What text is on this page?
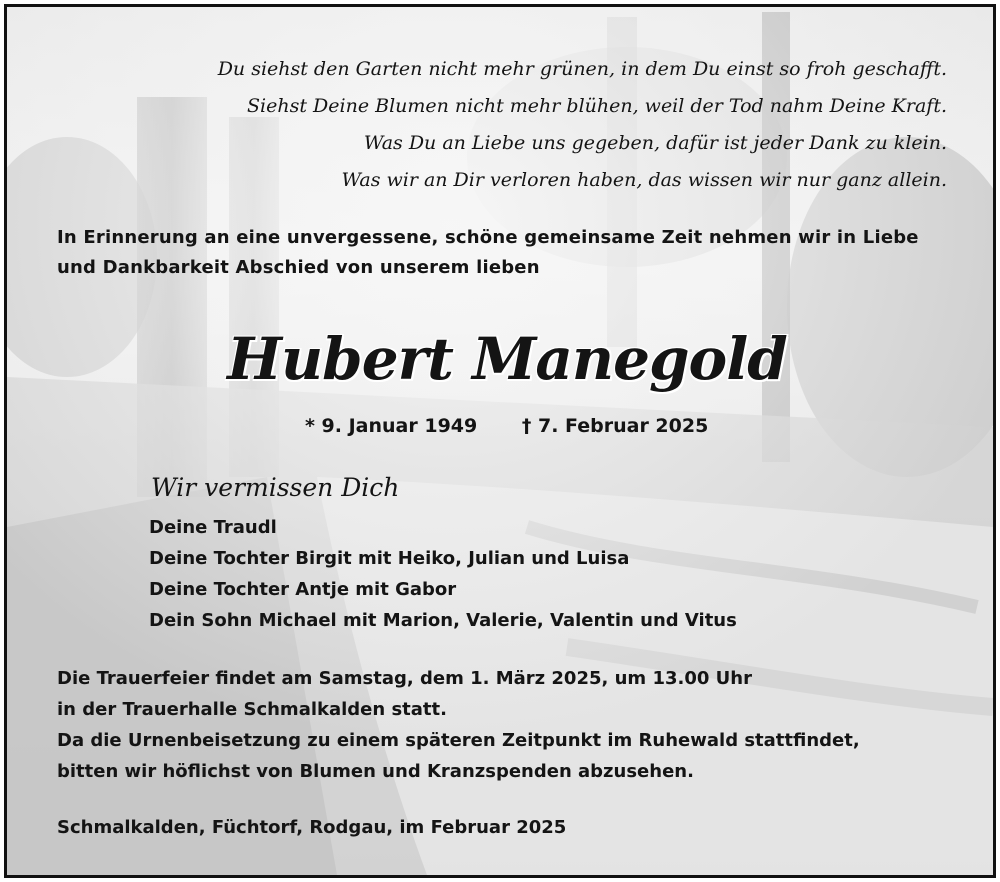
Du siehst den Garten nicht mehr grünen, in dem Du einst so froh geschafft.
Siehst Deine Blumen nicht mehr blühen, weil der Tod nahm Deine Kraft.
Was Du an Liebe uns gegeben, dafür ist jeder Dank zu klein.
Was wir an Dir verloren haben, das wissen wir nur ganz allein.
In Erinnerung an eine unvergessene, schöne gemeinsame Zeit nehmen wir in Liebe
und Dankbarkeit Abschied von unserem lieben
Hubert Manegold
* 9. Januar 1949 † 7. Februar 2025
Wir vermissen Dich
Deine Traudl
Deine Tochter Birgit mit Heiko, Julian und Luisa
Deine Tochter Antje mit Gabor
Dein Sohn Michael mit Marion, Valerie, Valentin und Vitus
Die Trauerfeier findet am Samstag, dem 1. März 2025, um 13.00 Uhr
in der Trauerhalle Schmalkalden statt.
Da die Urnenbeisetzung zu einem späteren Zeitpunkt im Ruhewald stattfindet,
bitten wir höflichst von Blumen und Kranzspenden abzusehen.
Schmalkalden, Füchtorf, Rodgau, im Februar 2025
